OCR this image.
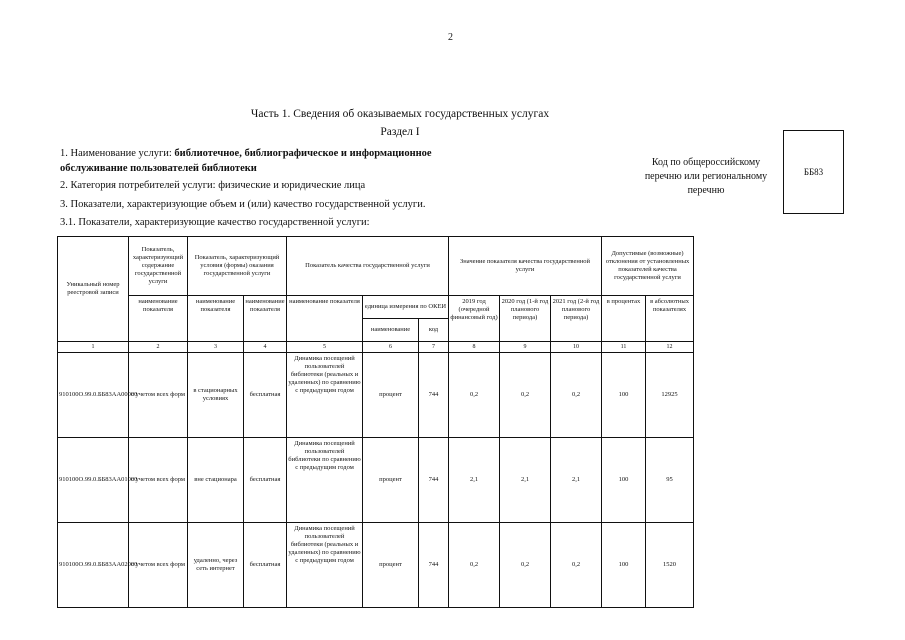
2
Часть 1. Сведения об оказываемых государственных услугах
Раздел I
1. Наименование услуги: библиотечное, библиографическое и информационное
обслуживание пользователей библиотеки
2. Категория потребителей услуги: физические и юридические лица
3. Показатели, характеризующие объем и (или) качество государственной услуги.
3.1. Показатели, характеризующие качество государственной услуги:
Код по общероссийскому
перечню или региональному
перечню
ББ83
Уникальный номер реестровой записи	Показатель, характеризующий содержание государственной услуги	Показатель, характеризующий условия (формы) оказания государственной услуги		Показатель качества государственной услуги			Значение показателя качества государственной услуги			Допустимые (возможные) отклонения от установленных показателей качества государственной услуги	
	наименование показателя	наименование показателя	наименование показателя	наименование показателя	единица измерения по ОКЕИ		2019 год (очередной финансовый год)	2020 год (1-й год планового периода)	2021 год (2-й год планового периода)	в процентах	в абсолютных показателях
					наименование	код					
1	2	3	4	5	6	7	8	9	10	11	12
910100О.99.0.ББ83АА00000	с учетом всех форм	в стационарных условиях	бесплатная	Динамика посещений пользователей библиотеки (реальных и удаленных) по сравнению с предыдущим годом	процент	744	0,2	0,2	0,2	100	12925
910100О.99.0.ББ83АА01000	с учетом всех форм	вне стационара	бесплатная	Динамика посещений пользователей библиотеки по сравнению с предыдущим годом	процент	744	2,1	2,1	2,1	100	95
910100О.99.0.ББ83АА02000	с учетом всех форм	удаленно, через сеть интернет	бесплатная	Динамика посещений пользователей библиотеки (реальных и удаленных) по сравнению с предыдущим годом	процент	744	0,2	0,2	0,2	100	1520
